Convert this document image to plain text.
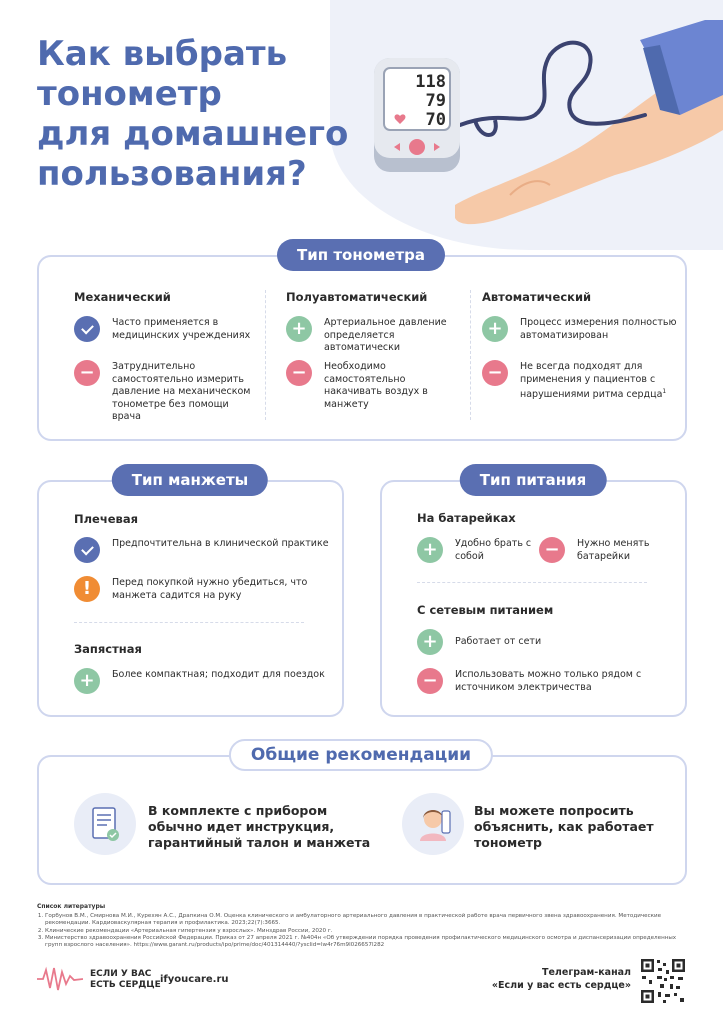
Как выбрать
тонометр
для домашнего
пользования?
118
79
70
Тип тонометра
Механический
Часто применяется в медицинских учреждениях
−	Затруднительно самостоятельно измерить давление на механическом тонометре без помощи врача
Полуавтоматический
+	Артериальное давление определяется автоматически
−	Необходимо самостоятельно накачивать воздух в манжету
Автоматический
+	Процесс измерения полностью автоматизирован
−	Не всегда подходят для применения у пациентов с нарушениями ритма сердца$^1$
Тип манжеты
Плечевая
Предпочтительна в клинической практике
!	Перед покупкой нужно убедиться, что манжета садится на руку
Запястная
+	Более компактная; подходит для поездок
Тип питания
На батарейках
+	Удобно брать с собой	−	Нужно менять батарейки
С сетевым питанием
+	Работает от сети
−	Использовать можно только рядом с источником электричества
Общие рекомендации
В комплекте с прибором обычно идет инструкция, гарантийный талон и манжета
Вы можете попросить объяснить, как работает тонометр
Список литературы
1. Горбунов В.М., Смирнова М.И., Курехян А.С., Драпкина О.М. Оценка клинического и амбулаторного артериального давления в практической работе врача первичного звена здравоохранения. Методические рекомендации. Кардиоваскулярная терапия и профилактика. 2023;22(7):3665.
2. Клинические рекомендации «Артериальная гипертензия у взрослых». Минздрав России, 2020 г.
3. Министерство здравоохранения Российской Федерации. Приказ от 27 апреля 2021 г. №404н «Об утверждении порядка проведения профилактического медицинского осмотра и диспансеризации определенных групп взрослого населения». https://www.garant.ru/products/ipo/prime/doc/401314440/?ysclid=lw4r76m9l026657l282
ЕСЛИ У ВАС
ЕСТЬ СЕРДЦЕ ifyoucare.ru
Телеграм-канал
«Если у вас есть сердце»
